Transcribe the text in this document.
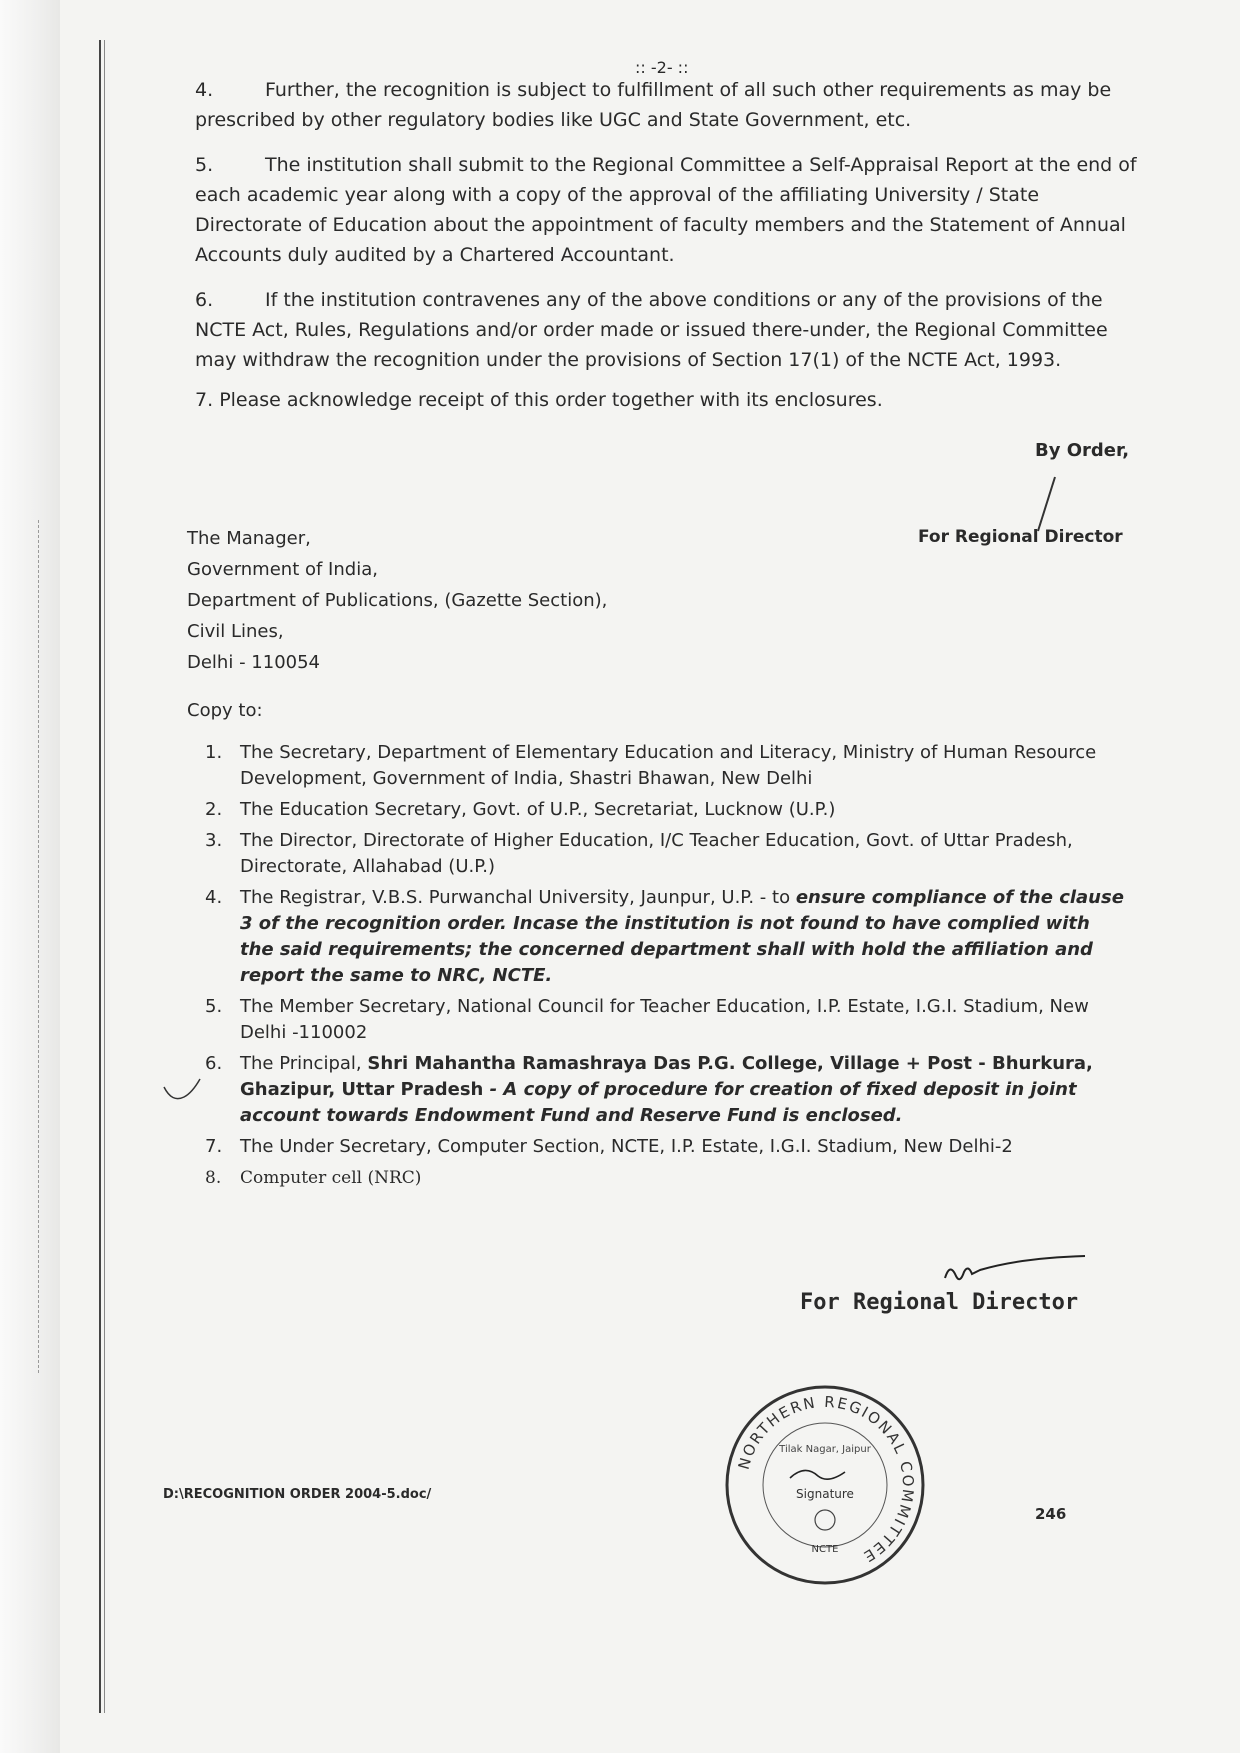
:: -2- ::
4.	Further, the recognition is subject to fulfillment of all such other requirements as may be prescribed by other regulatory bodies like UGC and State Government, etc.
5.	The institution shall submit to the Regional Committee a Self-Appraisal Report at the end of each academic year along with a copy of the approval of the affiliating University / State Directorate of Education about the appointment of faculty members and the Statement of Annual Accounts duly audited by a Chartered Accountant.
6.	If the institution contravenes any of the above conditions or any of the provisions of the NCTE Act, Rules, Regulations and/or order made or issued there-under, the Regional Committee may withdraw the recognition under the provisions of Section 17(1) of the NCTE Act, 1993.
7. Please acknowledge receipt of this order together with its enclosures.
By Order,
For Regional Director
The Manager,
Government of India,
Department of Publications, (Gazette Section),
Civil Lines,
Delhi - 110054
Copy to:
1. The Secretary, Department of Elementary Education and Literacy, Ministry of Human Resource Development, Government of India, Shastri Bhawan, New Delhi
2. The Education Secretary, Govt. of U.P., Secretariat, Lucknow (U.P.)
3. The Director, Directorate of Higher Education, I/C Teacher Education, Govt. of Uttar Pradesh, Directorate, Allahabad (U.P.)
4. The Registrar, V.B.S. Purwanchal University, Jaunpur, U.P. - to ensure compliance of the clause 3 of the recognition order. Incase the institution is not found to have complied with the said requirements; the concerned department shall with hold the affiliation and report the same to NRC, NCTE.
5. The Member Secretary, National Council for Teacher Education, I.P. Estate, I.G.I. Stadium, New Delhi -110002
6. The Principal, Shri Mahantha Ramashraya Das P.G. College, Village + Post - Bhurkura, Ghazipur, Uttar Pradesh - A copy of procedure for creation of fixed deposit in joint account towards Endowment Fund and Reserve Fund is enclosed.
7. The Under Secretary, Computer Section, NCTE, I.P. Estate, I.G.I. Stadium, New Delhi-2
8.	Computer cell (NRC)
For Regional Director
D:\RECOGNITION ORDER 2004-5.doc/
246
NORTHERN REGIONAL COMMITTEE
Tilak Nagar, Jaipur
Signature
NCTE
